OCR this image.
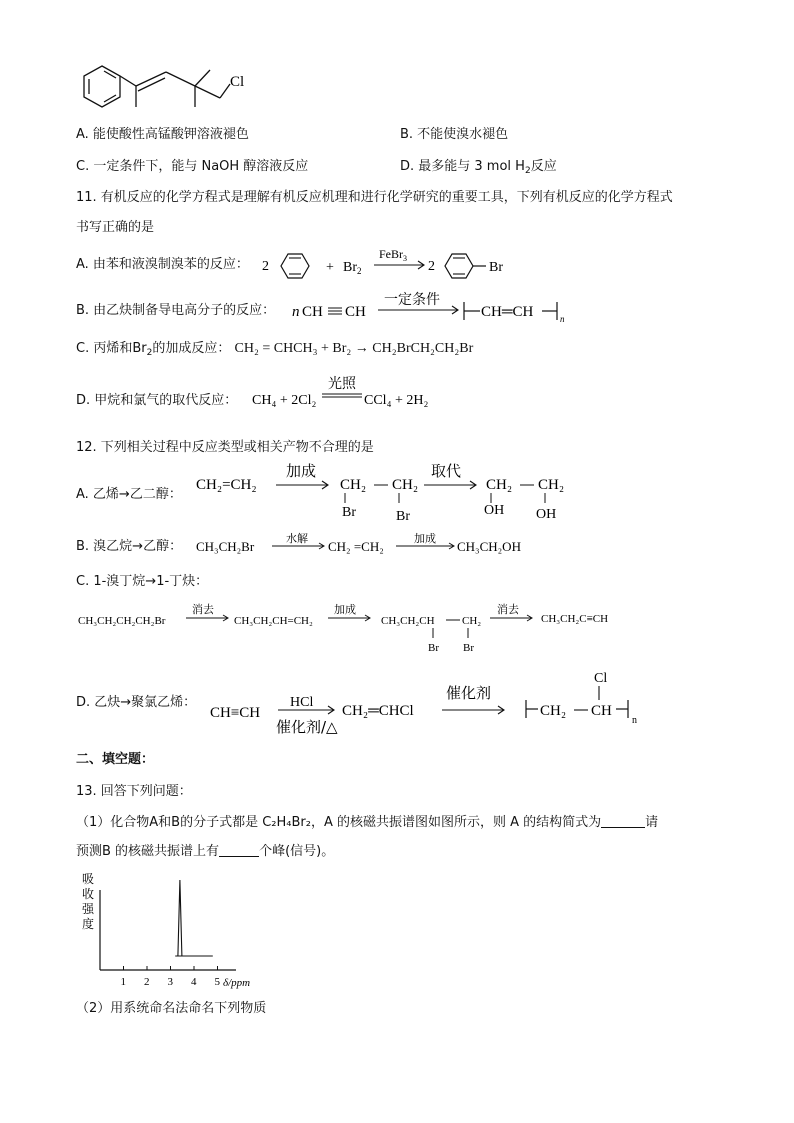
Cl
A. 能使酸性高锰酸钾溶液褪色	B. 不能使溴水褪色
C. 一定条件下，能与 NaOH 醇溶液反应	D. 最多能与 3 mol $H_2$反应
11. 有机反应的化学方程式是理解有机反应机理和进行化学研究的重要工具，下列有机反应的化学方程式
书写正确的是
A. 由苯和液溴制溴苯的反应： 2	+ $Br_2$
FeBr$_3$
2	Br
B. 由乙炔制备导电高分子的反应： n CH CH
一定条件
CH═CH	n
C. 丙烯和$Br_2$的加成反应： CH₂ = CHCH₃ + Br₂ → CH₂BrCH₂CH₂Br
D. 甲烷和氯气的取代反应： CH₄ + 2Cl₂
光照
CCl₄ + 2H₂
12. 下列相关过程中反应类型或相关产物不合理的是
A. 乙烯→乙二醇：
CH₂=CH₂
加成
CH₂ CH₂
Br	Br
取代
CH₂ CH₂
OH OH
B. 溴乙烷→乙醇： CH₃CH₂Br
水解
CH₂ =CH₂
加成
CH₃CH₂OH
C. 1-溴丁烷→1-丁炔：
CH₃CH₂CH₂CH₂Br
消去
CH₃CH₂CH=CH₂
加成
CH₃CH₂CH CH₂
Br Br
消去
CH₃CH₂C≡CH
D. 乙炔→聚氯乙烯：
CH≡CH
HCl
催化剂/△
CH₂═CHCl
催化剂
CH₂ CH
Cl
n
二、填空题：
13. 回答下列问题：
（1）化合物A和B的分子式都是 C₂H₄Br₂，A 的核磁共振谱图如图所示，则 A 的结构简式为	请
预测B 的核磁共振谱上有	个峰(信号)。
吸
收
强
度
1 2 3 4 5 δ/ppm
（2）用系统命名法命名下列物质
